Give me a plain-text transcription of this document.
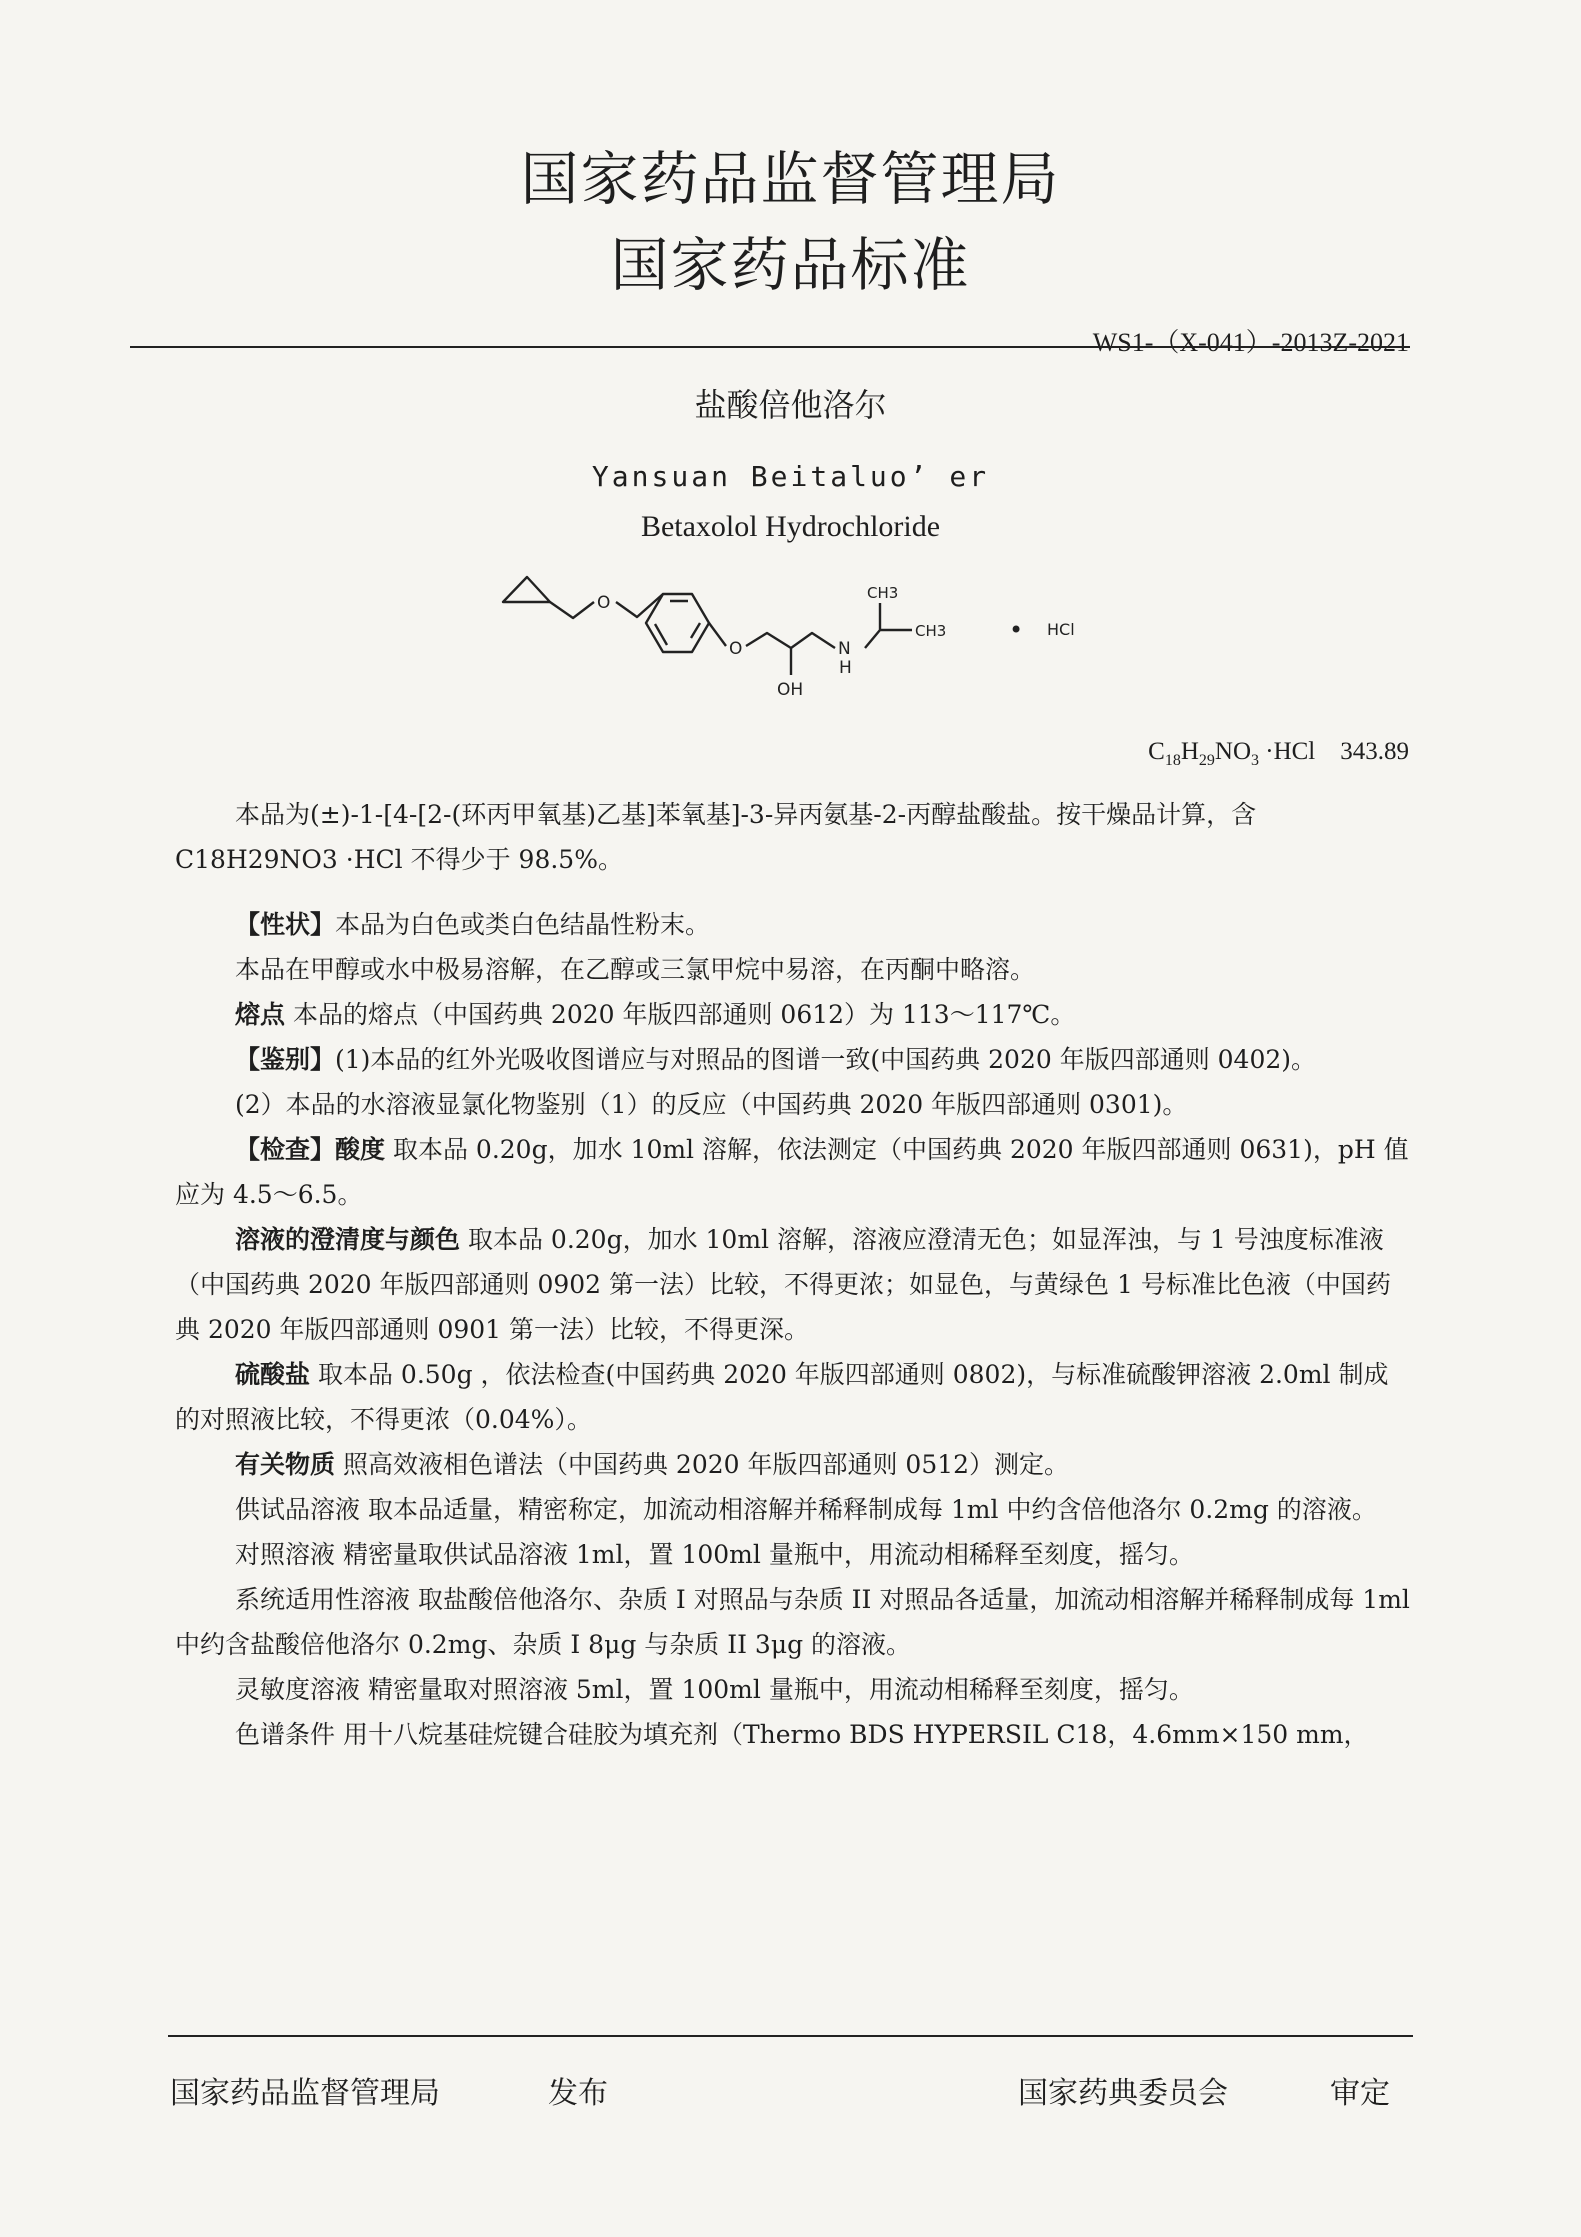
国家药品监督管理局
国家药品标准
WS1-（X-041）-2013Z-2021
盐酸倍他洛尔
Yansuan Beitaluo’ er
Betaxolol Hydrochloride
O
O
OH
N
H
CH3
CH3	• HCl
$C_{18}H_{29}NO_3 \cdot HCl$ 343.89

本品为(±)-1-[4-[2-(环丙甲氧基)乙基]苯氧基]-3-异丙氨基-2-丙醇盐酸盐。按干燥品计算，含C18H29NO3 ·HCl 不得少于 98.5%。

【性状】本品为白色或类白色结晶性粉末。

本品在甲醇或水中极易溶解，在乙醇或三氯甲烷中易溶，在丙酮中略溶。

熔点 本品的熔点（中国药典 2020 年版四部通则 0612）为 113～117℃。

【鉴别】(1)本品的红外光吸收图谱应与对照品的图谱一致(中国药典 2020 年版四部通则 0402)。

(2）本品的水溶液显氯化物鉴别（1）的反应（中国药典 2020 年版四部通则 0301)。

【检查】酸度 取本品 0.20g，加水 10ml 溶解，依法测定（中国药典 2020 年版四部通则 0631)，pH 值应为 4.5～6.5。

溶液的澄清度与颜色 取本品 0.20g，加水 10ml 溶解，溶液应澄清无色；如显浑浊，与 1 号浊度标准液（中国药典 2020 年版四部通则 0902 第一法）比较，不得更浓；如显色，与黄绿色 1 号标准比色液（中国药典 2020 年版四部通则 0901 第一法）比较，不得更深。

硫酸盐 取本品 0.50g ，依法检查(中国药典 2020 年版四部通则 0802)，与标准硫酸钾溶液 2.0ml 制成的对照液比较，不得更浓（0.04%）。

有关物质 照高效液相色谱法（中国药典 2020 年版四部通则 0512）测定。

供试品溶液 取本品适量，精密称定，加流动相溶解并稀释制成每 1ml 中约含倍他洛尔 0.2mg 的溶液。

对照溶液 精密量取供试品溶液 1ml，置 100ml 量瓶中，用流动相稀释至刻度，摇匀。

系统适用性溶液 取盐酸倍他洛尔、杂质 I 对照品与杂质 II 对照品各适量，加流动相溶解并稀释制成每 1ml 中约含盐酸倍他洛尔 0.2mg、杂质 I 8μg 与杂质 II 3μg 的溶液。

灵敏度溶液 精密量取对照溶液 5ml，置 100ml 量瓶中，用流动相稀释至刻度，摇匀。

色谱条件 用十八烷基硅烷键合硅胶为填充剂（Thermo BDS HYPERSIL C18，4.6mm×150 mm，

国家药品监督管理局	发布	国家药典委员会	审定
